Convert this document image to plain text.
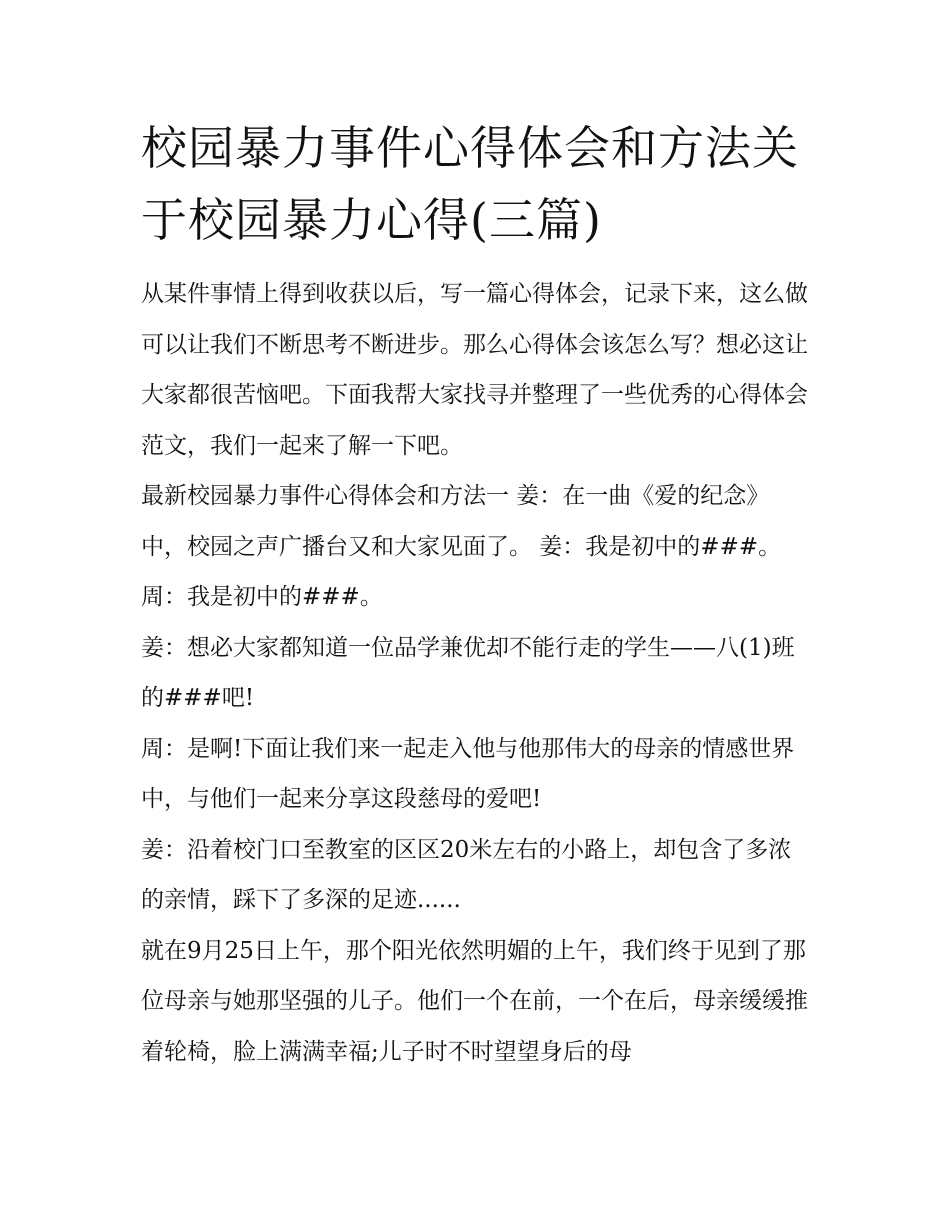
校园暴力事件心得体会和方法关于校园暴力心得(三篇)

从某件事情上得到收获以后，写一篇心得体会，记录下来，这么做可以让我们不断思考不断进步。那么心得体会该怎么写？想必这让大家都很苦恼吧。下面我帮大家找寻并整理了一些优秀的心得体会范文，我们一起来了解一下吧。

最新校园暴力事件心得体会和方法一 姜：在一曲《爱的纪念》中，校园之声广播台又和大家见面了。 姜：我是初中的###。 周：我是初中的###。

姜：想必大家都知道一位品学兼优却不能行走的学生——八(1)班的###吧!

周：是啊!下面让我们来一起走入他与他那伟大的母亲的情感世界中，与他们一起来分享这段慈母的爱吧!

姜：沿着校门口至教室的区区20米左右的小路上，却包含了多浓的亲情，踩下了多深的足迹......

就在9月25日上午，那个阳光依然明媚的上午，我们终于见到了那位母亲与她那坚强的儿子。他们一个在前，一个在后，母亲缓缓推着轮椅，脸上满满幸福;儿子时不时望望身后的母
